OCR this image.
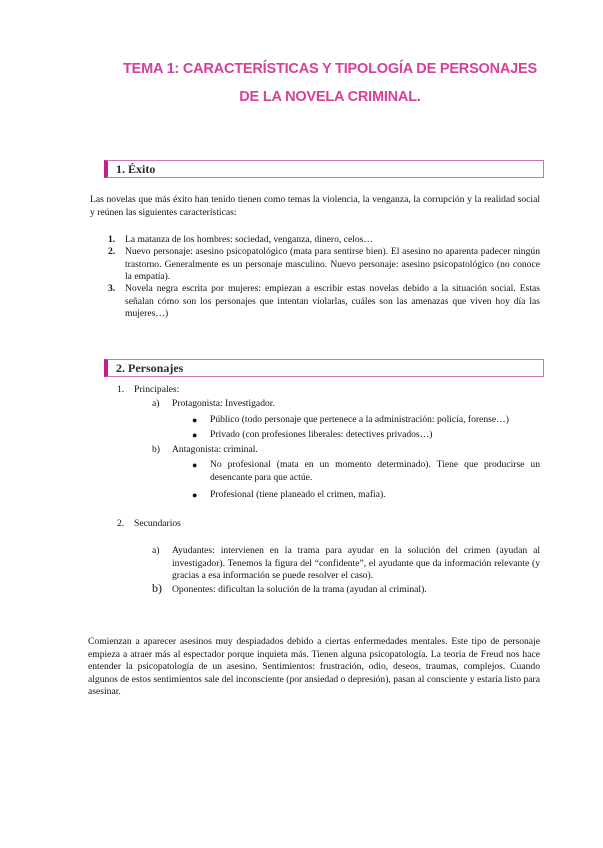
TEMA 1: CARACTERÍSTICAS Y TIPOLOGÍA DE PERSONAJES
DE LA NOVELA CRIMINAL.
1. Éxito
Las novelas que más éxito han tenido tienen como temas la violencia, la venganza, la corrupción y la realidad social y reúnen las siguientes características:
1. La matanza de los hombres: sociedad, venganza, dinero, celos…
2. Nuevo personaje: asesino psicopatológico (mata para sentirse bien). El asesino no aparenta padecer ningún trastorno. Generalmente es un personaje masculino. Nuevo personaje: asesino psicopatológico (no conoce la empatía).
3. Novela negra escrita por mujeres: empiezan a escribir estas novelas debido a la situación social. Estas señalan cómo son los personajes que intentan violarlas, cuáles son las amenazas que viven hoy día las mujeres…)
2. Personajes
1. Principales:
a) Protagonista: Investigador.
● Público (todo personaje que pertenece a la administración: policía, forense…)
● Privado (con profesiones liberales: detectives privados…)
b) Antagonista: criminal.
● No profesional (mata en un momento determinado). Tiene que producirse un desencante para que actúe.
● Profesional (tiene planeado el crimen, mafia).
2. Secundarios
a) Ayudantes: intervienen en la trama para ayudar en la solución del crimen (ayudan al investigador). Tenemos la figura del “confidente”, el ayudante que da información relevante (y gracias a esa información se puede resolver el caso).
b) Oponentes: dificultan la solución de la trama (ayudan al criminal).
Comienzan a aparecer asesinos muy despiadados debido a ciertas enfermedades mentales. Este tipo de personaje empieza a atraer más al espectador porque inquieta más. Tienen alguna psicopatología. La teoría de Freud nos hace entender la psicopatología de un asesino. Sentimientos: frustración, odio, deseos, traumas, complejos. Cuando algunos de estos sentimientos sale del inconsciente (por ansiedad o depresión), pasan al consciente y estaría listo para asesinar.
